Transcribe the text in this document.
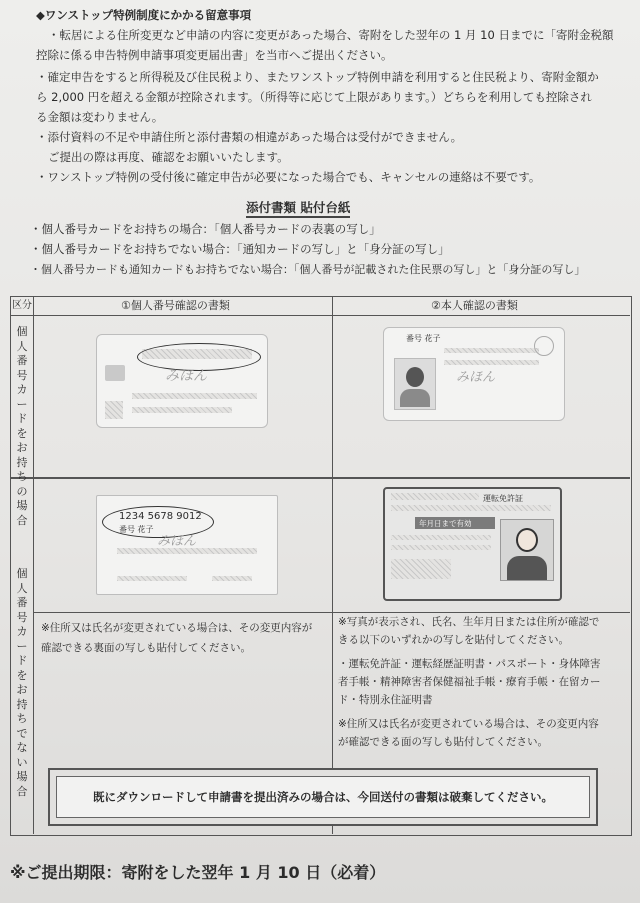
◆ワンストップ特例制度にかかる留意事項
・転居による住所変更など申請の内容に変更があった場合、寄附をした翌年の 1 月 10 日までに「寄附金税額
控除に係る申告特例申請事項変更届出書」を当市へご提出ください。
・確定申告をすると所得税及び住民税より、またワンストップ特例申請を利用すると住民税より、寄附金額か
ら 2,000 円を超える金額が控除されます。（所得等に応じて上限があります。）どちらを利用しても控除され
る金額は変わりません。
・添付資料の不足や申請住所と添付書類の相違があった場合は受付ができません。
ご提出の際は再度、確認をお願いいたします。
・ワンストップ特例の受付後に確定申告が必要になった場合でも、キャンセルの連絡は不要です。
添付書類 貼付台紙
・個人番号カードをお持ちの場合：「個人番号カードの表裏の写し」
・個人番号カードをお持ちでない場合：「通知カードの写し」と「身分証の写し」
・個人番号カードも通知カードもお持ちでない場合：「個人番号が記載された住民票の写し」と「身分証の写し」
区分	①個人番号確認の書類	②本人確認の書類
個人番号カードをお持ちの場合
個人番号カードをお持ちでない場合
みほん
番号 花子
みほん
1234 5678 9012
番号 花子
みほん
運転免許証
年月日まで有効
※住所又は氏名が変更されている場合は、その変更内容が
確認できる裏面の写しも貼付してください。
※写真が表示され、氏名、生年月日または住所が確認で
きる以下のいずれかの写しを貼付してください。
・運転免許証・運転経歴証明書・パスポート・身体障害
者手帳・精神障害者保健福祉手帳・療育手帳・在留カー
ド・特別永住証明書
※住所又は氏名が変更されている場合は、その変更内容
が確認できる面の写しも貼付してください。
既にダウンロードして申請書を提出済みの場合は、今回送付の書類は破棄してください。
※ご提出期限：寄附をした翌年 1 月 10 日（必着）
